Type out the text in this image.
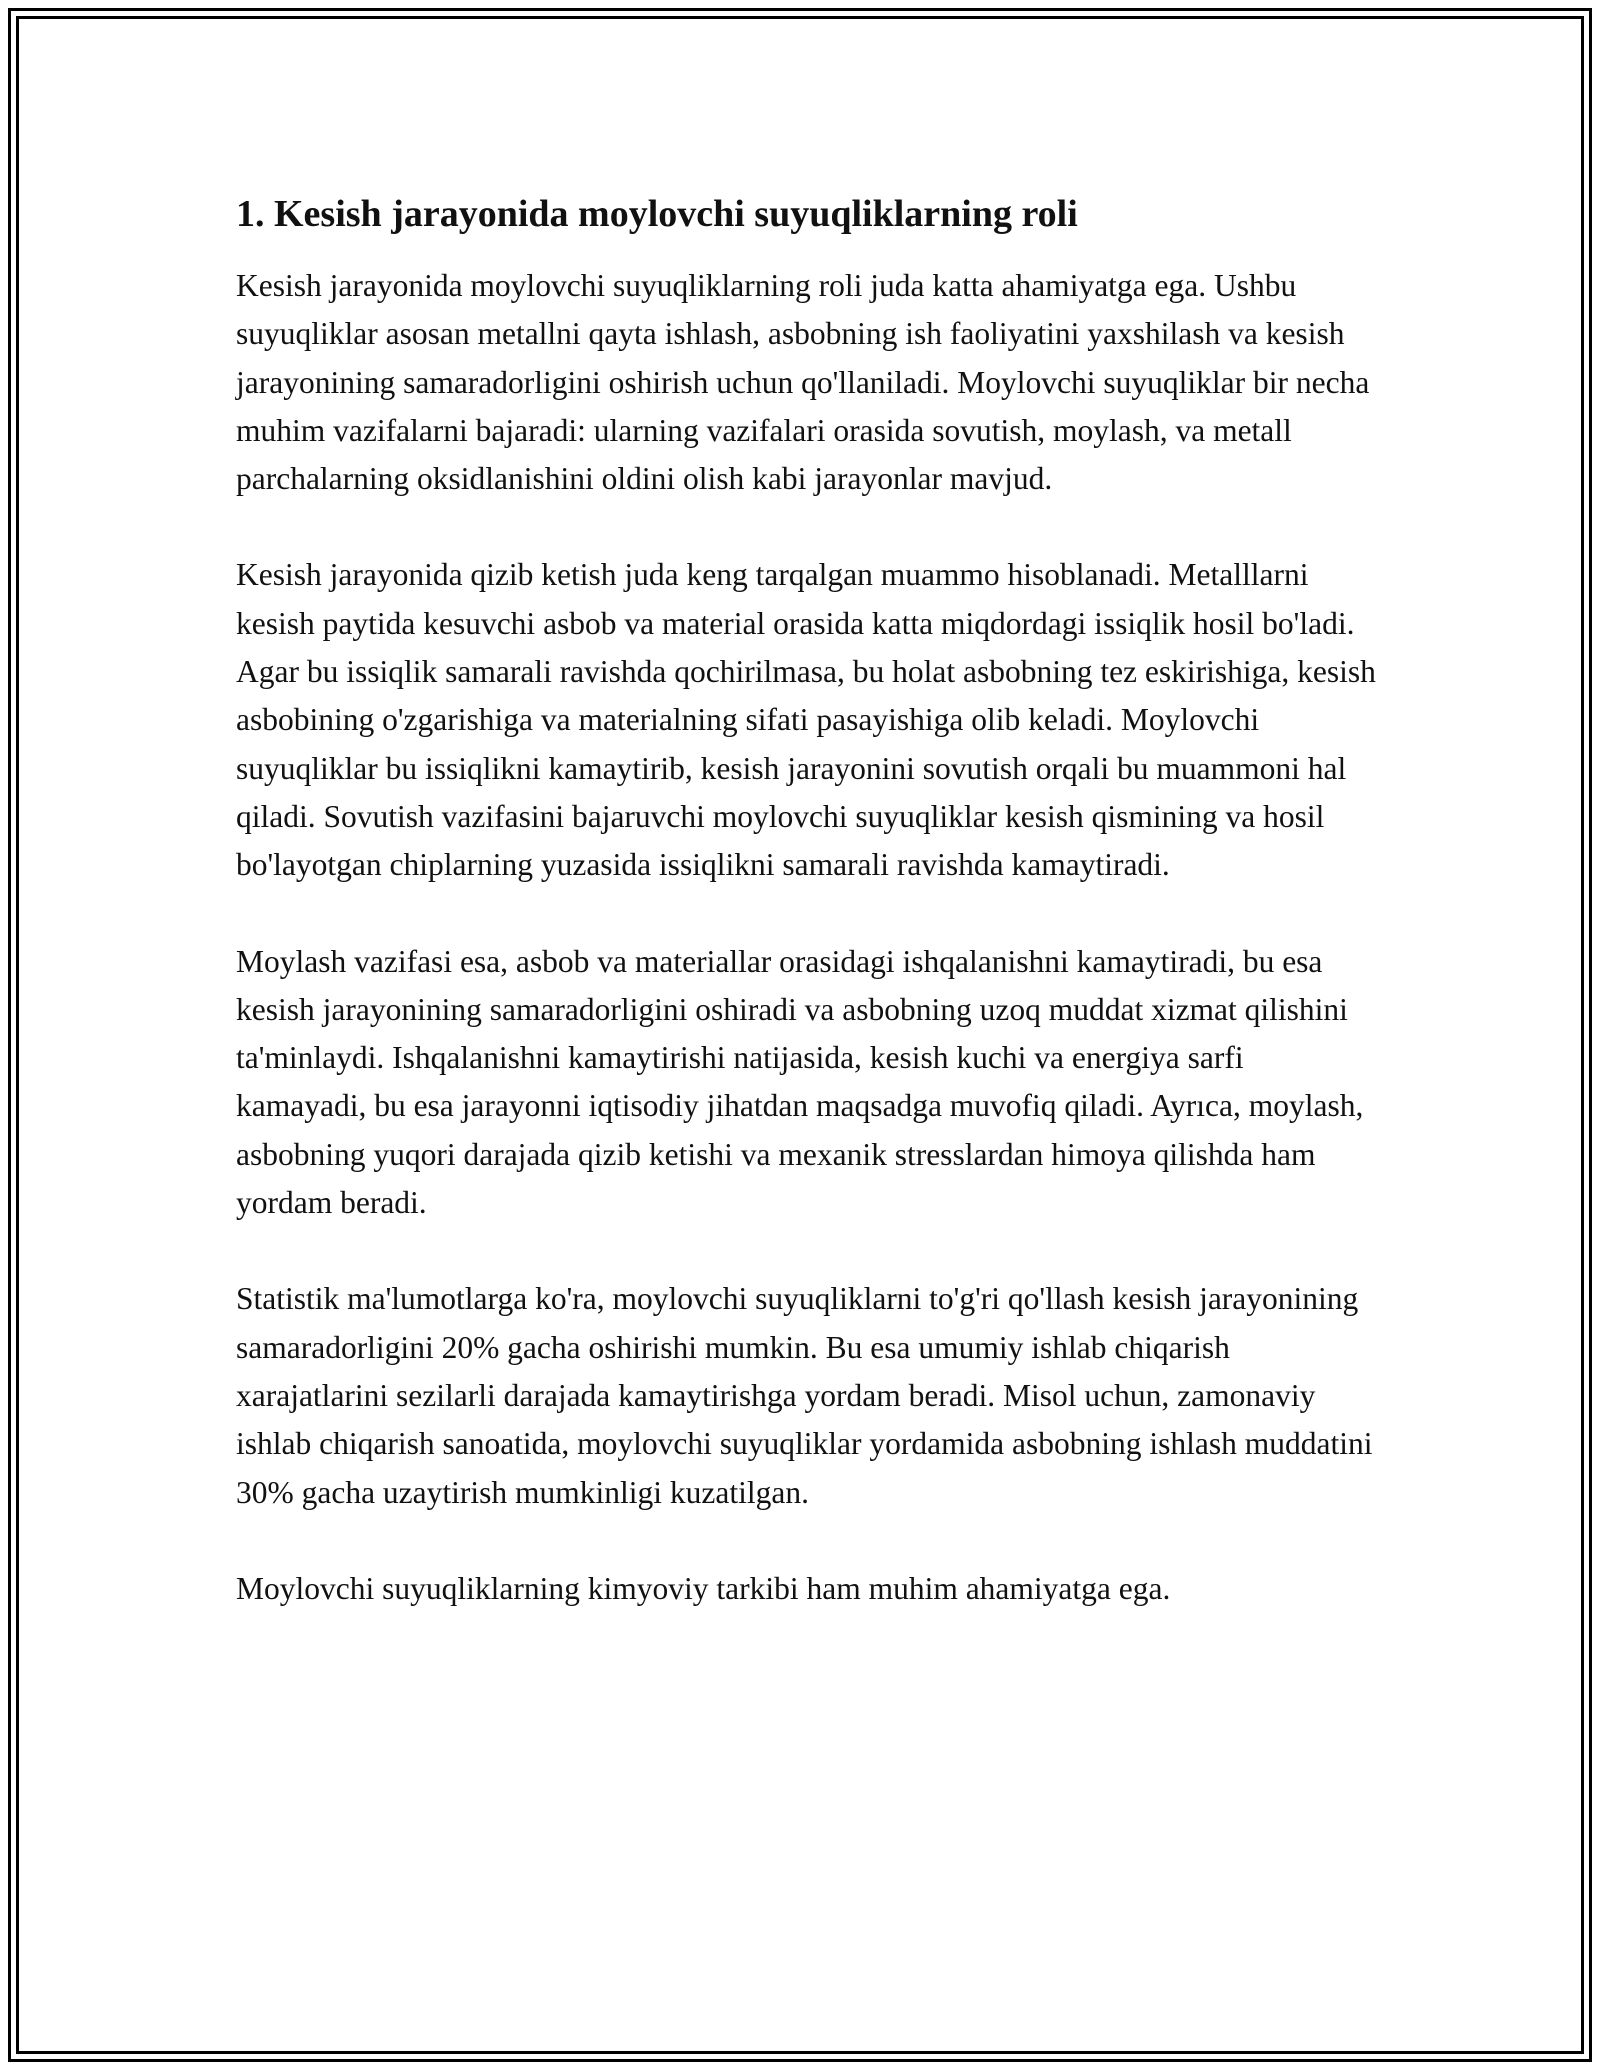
1. Kesish jarayonida moylovchi suyuqliklarning roli

Kesish jarayonida moylovchi suyuqliklarning roli juda katta ahamiyatga ega. Ushbu suyuqliklar asosan metallni qayta ishlash, asbobning ish faoliyatini yaxshilash va kesish jarayonining samaradorligini oshirish uchun qo'llaniladi. Moylovchi suyuqliklar bir necha muhim vazifalarni bajaradi: ularning vazifalari orasida sovutish, moylash, va metall parchalarning oksidlanishini oldini olish kabi jarayonlar mavjud.

Kesish jarayonida qizib ketish juda keng tarqalgan muammo hisoblanadi. Metalllarni kesish paytida kesuvchi asbob va material orasida katta miqdordagi issiqlik hosil bo'ladi. Agar bu issiqlik samarali ravishda qochirilmasa, bu holat asbobning tez eskirishiga, kesish asbobining o'zgarishiga va materialning sifati pasayishiga olib keladi. Moylovchi suyuqliklar bu issiqlikni kamaytirib, kesish jarayonini sovutish orqali bu muammoni hal qiladi. Sovutish vazifasini bajaruvchi moylovchi suyuqliklar kesish qismining va hosil bo'layotgan chiplarning yuzasida issiqlikni samarali ravishda kamaytiradi.

Moylash vazifasi esa, asbob va materiallar orasidagi ishqalanishni kamaytiradi, bu esa kesish jarayonining samaradorligini oshiradi va asbobning uzoq muddat xizmat qilishini ta'minlaydi. Ishqalanishni kamaytirishi natijasida, kesish kuchi va energiya sarfi kamayadi, bu esa jarayonni iqtisodiy jihatdan maqsadga muvofiq qiladi. Ayrıca, moylash, asbobning yuqori darajada qizib ketishi va mexanik stresslardan himoya qilishda ham yordam beradi.

Statistik ma'lumotlarga ko'ra, moylovchi suyuqliklarni to'g'ri qo'llash kesish jarayonining samaradorligini 20% gacha oshirishi mumkin. Bu esa umumiy ishlab chiqarish xarajatlarini sezilarli darajada kamaytirishga yordam beradi. Misol uchun, zamonaviy ishlab chiqarish sanoatida, moylovchi suyuqliklar yordamida asbobning ishlash muddatini 30% gacha uzaytirish mumkinligi kuzatilgan.

Moylovchi suyuqliklarning kimyoviy tarkibi ham muhim ahamiyatga ega.
